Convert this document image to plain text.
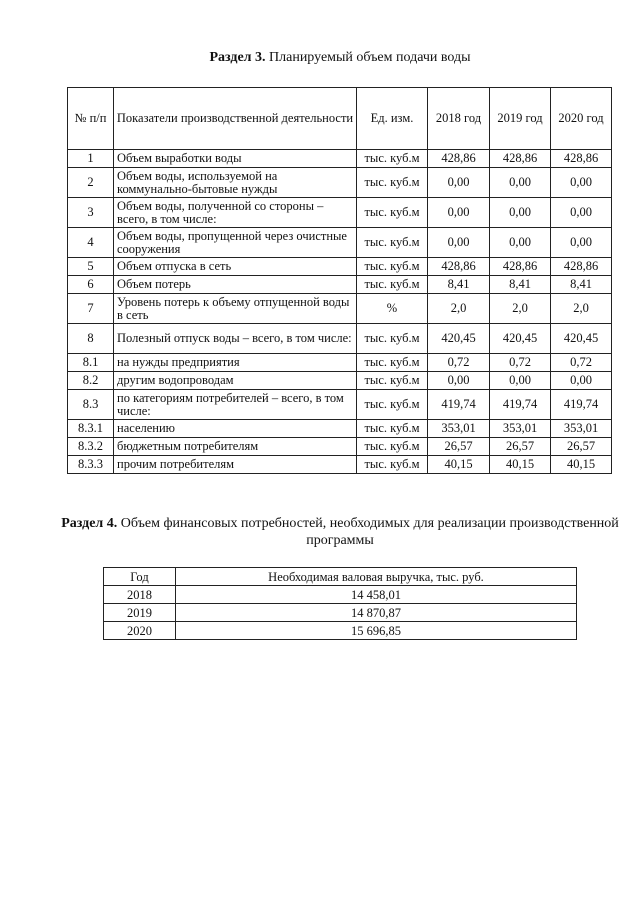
Раздел 3. Планируемый объем подачи воды
№ п/п	Показатели производственной деятельности	Ед. изм.	2018 год	2019 год	2020 год
1	Объем выработки воды	тыс. куб.м	428,86	428,86	428,86
2	Объем воды, используемой на коммунально-бытовые нужды	тыс. куб.м	0,00	0,00	0,00
3	Объем воды, полученной со стороны – всего, в том числе:	тыс. куб.м	0,00	0,00	0,00
4	Объем воды, пропущенной через очистные сооружения	тыс. куб.м	0,00	0,00	0,00
5	Объем отпуска в сеть	тыс. куб.м	428,86	428,86	428,86
6	Объем потерь	тыс. куб.м	8,41	8,41	8,41
7	Уровень потерь к объему отпущенной воды в сеть	%	2,0	2,0	2,0
8	Полезный отпуск воды – всего, в том числе:	тыс. куб.м	420,45	420,45	420,45
8.1	на нужды предприятия	тыс. куб.м	0,72	0,72	0,72
8.2	другим водопроводам	тыс. куб.м	0,00	0,00	0,00
8.3	по категориям потребителей – всего, в том числе:	тыс. куб.м	419,74	419,74	419,74
8.3.1	населению	тыс. куб.м	353,01	353,01	353,01
8.3.2	бюджетным потребителям	тыс. куб.м	26,57	26,57	26,57
8.3.3	прочим потребителям	тыс. куб.м	40,15	40,15	40,15
Раздел 4. Объем финансовых потребностей, необходимых для реализации производственной программы
Год	Необходимая валовая выручка, тыс. руб.
2018	14 458,01
2019	14 870,87
2020	15 696,85
